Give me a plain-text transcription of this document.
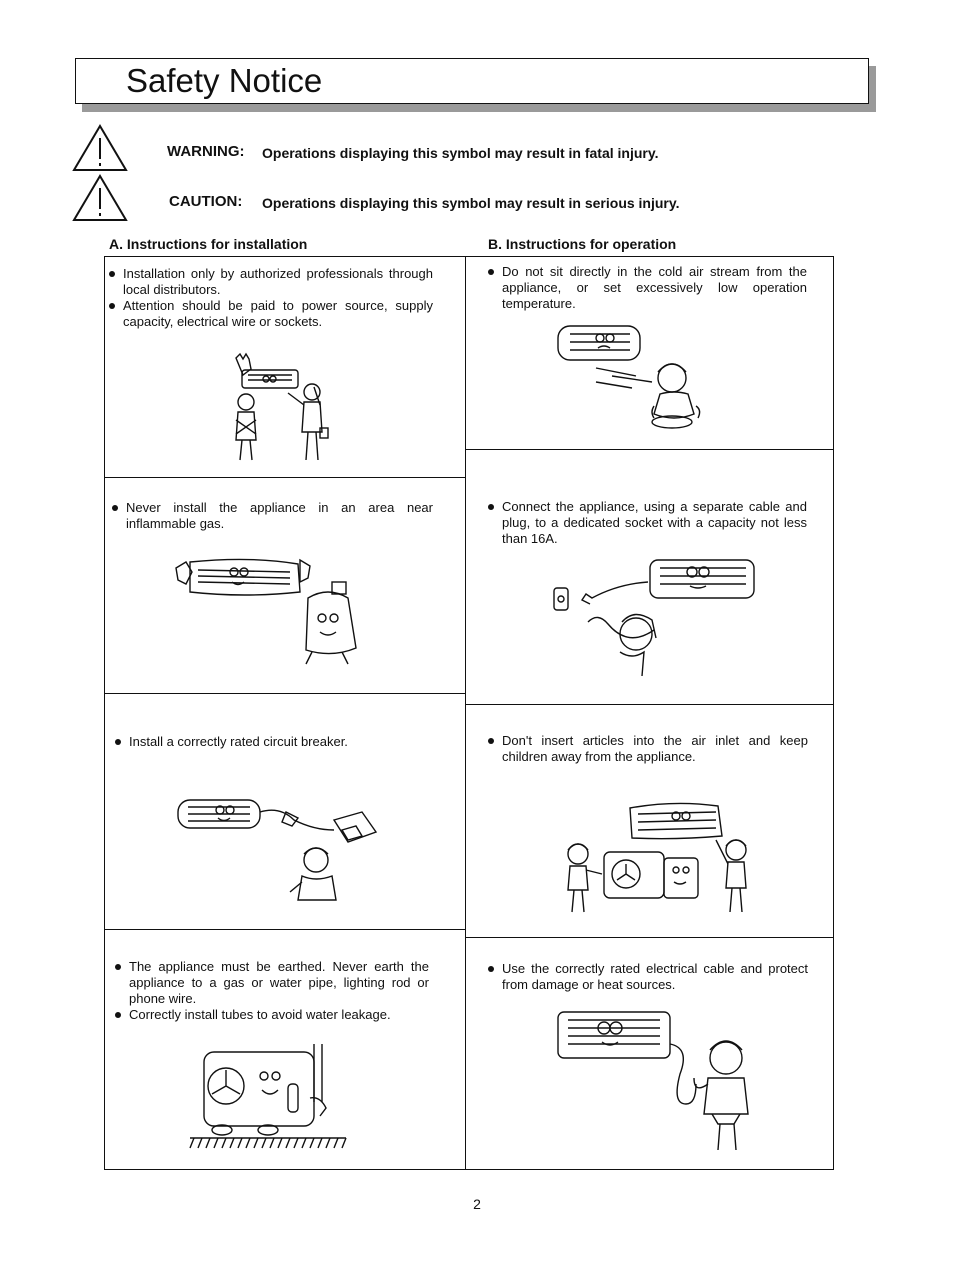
Safety Notice
WARNING: Operations displaying this symbol may result in fatal injury.
CAUTION: Operations displaying this symbol may result in serious injury.
A. Instructions for installation	B. Instructions for operation
Installation only by authorized professionals through local distributors.
Attention should be paid to power source, supply capacity, electrical wire or sockets.
Never install the appliance in an area near inflammable gas.
Install a correctly rated circuit breaker.
The appliance must be earthed. Never earth the appliance to a gas or water pipe, lighting rod or phone wire.
Correctly install tubes to avoid water leakage.
Do not sit directly in the cold air stream from the appliance, or set excessively low operation temperature.
Connect the appliance, using a separate cable and plug, to a dedicated socket with a capacity not less than 16A.
Don't insert articles into the air inlet and keep children away from the appliance.
Use the correctly rated electrical cable and protect from damage or heat sources.
2
